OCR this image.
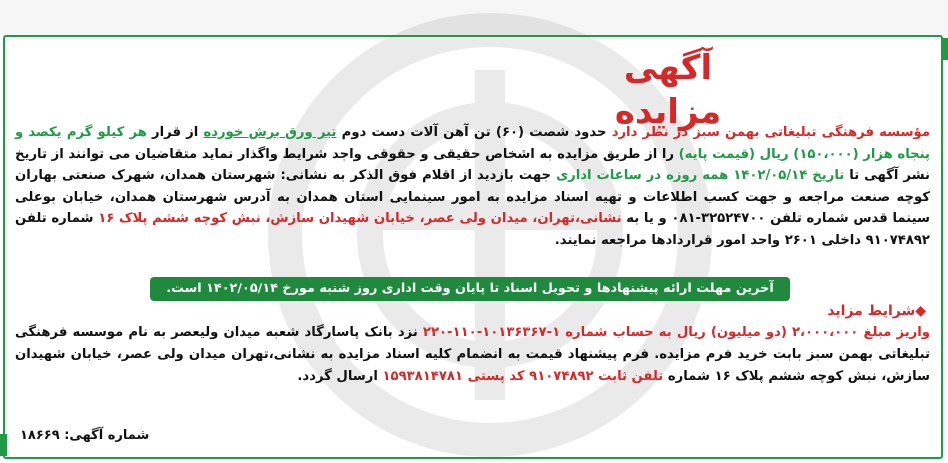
آگهی مزایده
مؤسسه فرهنگی تبلیغاتی بهمن سبز در نظر دارد حدود شصت (۶۰) تن آهن آلات دست دوم تیر ورق برش خورده از قرار هر کیلو گرم یکصد و پنجاه هزار (۱۵۰،۰۰۰) ریال (قیمت پایه) را از طریق مزایده به اشخاص حقیقی و حقوقی واجد شرایط واگذار نماید متقاضیان می توانند از تاریخ نشر آگهی تا تاریخ ۱۴۰۲/۰۵/۱۴ همه روزه در ساعات اداری جهت بازدید از اقلام فوق الذکر به نشانی: شهرستان همدان، شهرک صنعتی بهاران کوچه صنعت مراجعه و جهت کسب اطلاعات و تهیه اسناد مزایده به امور سینمایی استان همدان به آدرس شهرستان همدان، خیابان بوعلی سینما قدس شماره تلفن ۳۲۵۲۴۷۰۰-۰۸۱ و یا به نشانی،تهران، میدان ولی عصر، خیابان شهیدان سازش، نبش کوچه ششم پلاک ۱۶ شماره تلفن ۹۱۰۷۴۸۹۲ داخلی ۲۶۰۱ واحد امور قراردادها مراجعه نمایند.
آخرین مهلت ارائه پیشنهادها و تحویل اسناد تا پایان وقت اداری روز شنبه مورخ ۱۴۰۲/۰۵/۱۴ است.
◆شرایط مزاید
واریز مبلغ ۲،۰۰۰،۰۰۰ (دو میلیون) ریال به حساب شماره ۱-۱۰۱۳۶۳۶۷-۱۱۰-۲۲۰ نزد بانک پاسارگاد شعبه میدان ولیعصر به نام موسسه فرهنگی تبلیغاتی بهمن سبز بابت خرید فرم مزایده. فرم پیشنهاد قیمت به انضمام کلیه اسناد مزایده به نشانی،تهران میدان ولی عصر، خیابان شهیدان سازش، نبش کوچه ششم پلاک ۱۶ شماره تلفن ثابت ۹۱۰۷۴۸۹۲ کد پستی ۱۵۹۳۸۱۴۷۸۱ ارسال گردد.
شماره آگهی: ۱۸۶۶۹
